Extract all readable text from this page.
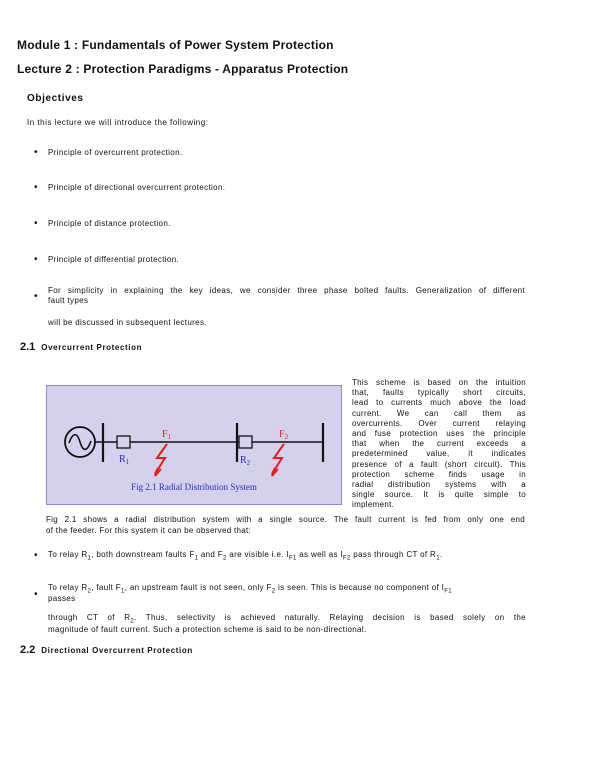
Module 1 : Fundamentals of Power System Protection
Lecture 2 : Protection Paradigms - Apparatus Protection
Objectives
In this lecture we will introduce the following:
• Principle of overcurrent protection.
• Principle of directional overcurrent protection.
• Principle of distance protection.
• Principle of differential protection.
•
For simplicity in explaining the key ideas, we consider three phase bolted faults. Generalization of different
fault types
will be discussed in subsequent lectures.
2.1 Overcurrent Protection
$R_1$	$R_2$
$F_1$	$F_2$
Fig 2.1 Radial Distribution System
This scheme is based on the intuition
that, faults typically short circuits,
lead to currents much above the load
current. We can call them as
overcurrents. Over current relaying
and fuse protection uses the principle
that when the current exceeds a
predetermined value, it indicates
presence of a fault (short circuit). This
protection scheme finds usage in
radial distribution systems with a
single source. It is quite simple to
implement.
Fig 2.1 shows a radial distribution system with a single source. The fault current is fed from only one end
of the feeder. For this system it can be observed that:
• To relay $R_1$, both downstream faults $F_1$ and $F_2$ are visible i.e. $I_{F1}$ as well as $I_{F2}$ pass through CT of $R_1$.
•
To relay $R_2$, fault $F_1$, an upstream fault is not seen, only $F_2$ is seen. This is because no component of $I_{F1}$
passes
through CT of $R_2$. Thus, selectivity is achieved naturally. Relaying decision is based solely on the
magnitude of fault current. Such a protection scheme is said to be non-directional.
2.2 Directional Overcurrent Protection
